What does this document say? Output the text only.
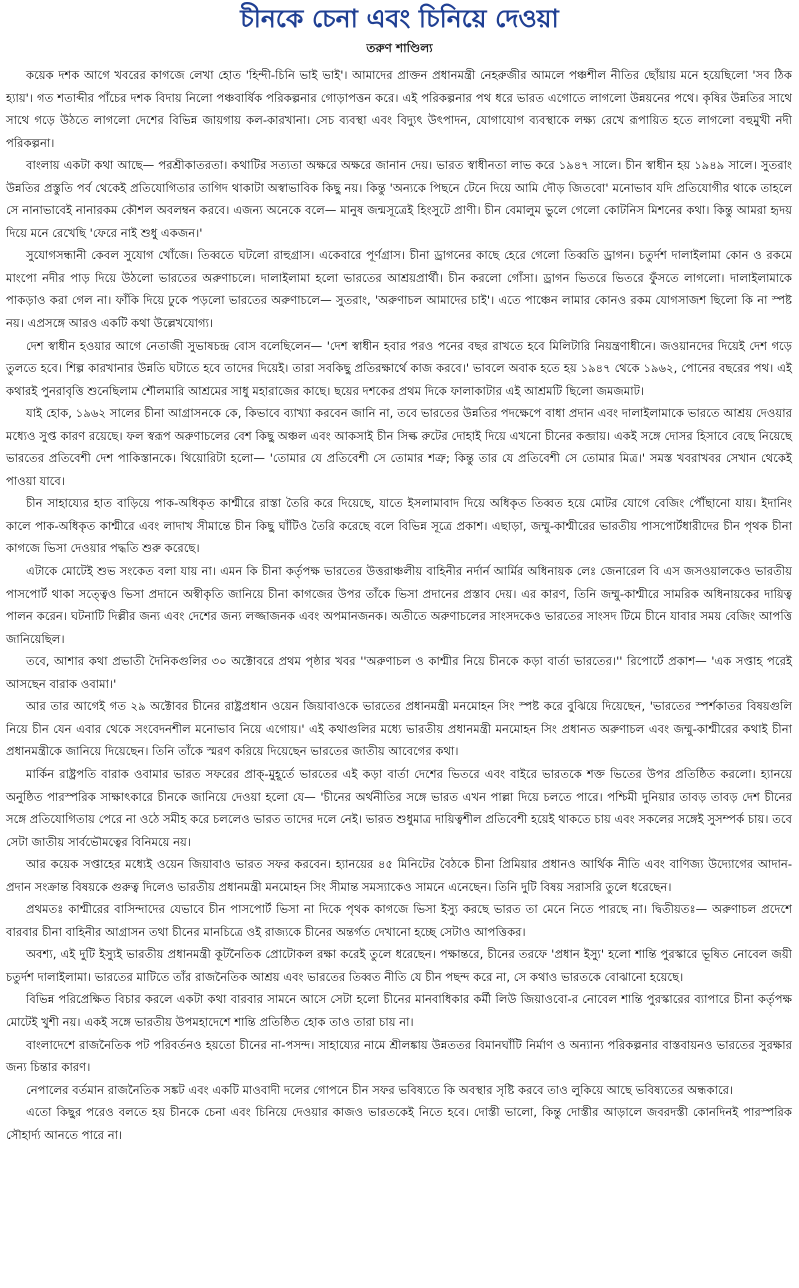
চীনকে চেনা এবং চিনিয়ে দেওয়া
তরুণ শাণ্ডিল্য

কয়েক দশক আগে খবরের কাগজে লেখা হোত 'হিন্দী-চিনি ভাই ভাই'। আমাদের প্রাক্তন প্রধানমন্ত্রী নেহরুজীর আমলে পঞ্চশীল নীতির ছোঁয়ায় মনে হয়েছিলো 'সব ঠিক হ্যায়'। গত শতাব্দীর পাঁচের দশক বিদায় নিলো পঞ্চবার্ষিক পরিকল্পনার গোড়াপত্তন করে। এই পরিকল্পনার পথ ধরে ভারত এগোতে লাগলো উন্নয়নের পথে। কৃষির উন্নতির সাথে সাথে গড়ে উঠতে লাগলো দেশের বিভিন্ন জায়গায় কল-কারখানা। সেচ ব্যবস্থা এবং বিদ্যুৎ উৎপাদন, যোগাযোগ ব্যবস্থাকে লক্ষ্য রেখে রূপায়িত হতে লাগলো বহুমুখী নদী পরিকল্পনা।

বাংলায় একটা কথা আছে— পরশ্রীকাতরতা। কথাটির সত্যতা অক্ষরে অক্ষরে জানান দেয়। ভারত স্বাধীনতা লাভ করে ১৯৪৭ সালে। চীন স্বাধীন হয় ১৯৪৯ সালে। সুতরাং উন্নতির প্রস্তুতি পর্ব থেকেই প্রতিযোগিতার তাগিদ থাকাটা অস্বাভাবিক কিছু নয়। কিন্তু 'অন্যকে পিছনে টেনে দিয়ে আমি দৌড় জিতবো' মনোভাব যদি প্রতিযোগীর থাকে তাহলে সে নানাভাবেই নানারকম কৌশল অবলম্বন করবে। এজন্য অনেকে বলে— মানুষ জন্মসূত্রেই হিংসুটে প্রাণী। চীন বেমালুম ভুলে গেলো কোটনিস মিশনের কথা। কিন্তু আমরা হৃদয় দিয়ে মনে রেখেছি 'ফেরে নাই শুধু একজন।'

সুযোগসন্ধানী কেবল সুযোগ খোঁজে। তিব্বতে ঘটলো রাহুগ্রাস। একেবারে পূর্ণগ্রাস। চীনা ড্রাগনের কাছে হেরে গেলো তিব্বতি ড্রাগন। চতুর্দশ দালাইলামা কোন ও রকমে মাংপো নদীর পাড় দিয়ে উঠলো ভারতের অরুণাচলে। দালাইলামা হলো ভারতের আশ্রয়প্রার্থী। চীন করলো গোঁসা। ড্রাগন ভিতরে ভিতরে ফুঁসতে লাগলো। দালাইলামাকে পাকড়াও করা গেল না। ফাঁকি দিয়ে ঢুকে পড়লো ভারতের অরুণাচলে— সুতরাং, 'অরুণাচল আমাদের চাই'। এতে পাঞ্চেন লামার কোনও রকম যোগসাজশ ছিলো কি না স্পষ্ট নয়। এপ্রসঙ্গে আরও একটি কথা উল্লেখযোগ্য।

দেশ স্বাধীন হওয়ার আগে নেতাজী সুভাষচন্দ্র বোস বলেছিলেন— 'দেশ স্বাধীন হবার পরও পনের বছর রাখতে হবে মিলিটারি নিয়ন্ত্রণাধীনে। জওয়ানদের দিয়েই দেশ গড়ে তুলতে হবে। শিল্প কারখানার উন্নতি ঘটাতে হবে তাদের দিয়েই। তারা সবকিছু প্রতিরক্ষার্থে কাজ করবে।' ভাবলে অবাক হতে হয় ১৯৪৭ থেকে ১৯৬২, পোনের বছরের পথ। এই কথারই পুনরাবৃত্তি শুনেছিলাম শৌলমারি আশ্রমের সাধু মহারাজের কাছে। ছয়ের দশকের প্রথম দিকে ফালাকাটার এই আশ্রমটি ছিলো জমজমাট।

যাই হোক, ১৯৬২ সালের চীনা আগ্রাসনকে কে, কিভাবে ব্যাখ্যা করবেন জানি না, তবে ভারতের উন্নতির পদক্ষেপে বাধা প্রদান এবং দালাইলামাকে ভারতে আশ্রয় দেওয়ার মধ্যেও সুপ্ত কারণ রয়েছে। ফল স্বরূপ অরুণাচলের বেশ কিছু অঞ্চল এবং আকসাই চীন সিল্ক রুটের দোহাই দিয়ে এখনো চীনের কব্জায়। একই সঙ্গে দোসর হিসাবে বেছে নিয়েছে ভারতের প্রতিবেশী দেশ পাকিস্তানকে। থিয়োরিটা হলো— 'তোমার যে প্রতিবেশী সে তোমার শত্রু; কিন্তু তার যে প্রতিবেশী সে তোমার মিত্র।' সমস্ত খবরাখবর সেখান থেকেই পাওয়া যাবে।

চীন সাহায্যের হাত বাড়িয়ে পাক-অধিকৃত কাশ্মীরে রাস্তা তৈরি করে দিয়েছে, যাতে ইসলামাবাদ দিয়ে অধিকৃত তিব্বত হয়ে মোটর যোগে বেজিং পৌঁছানো যায়। ইদানিং কালে পাক-অধিকৃত কাশ্মীরে এবং লাদাখ সীমান্তে চীন কিছু ঘাঁটিও তৈরি করেছে বলে বিভিন্ন সূত্রে প্রকাশ। এছাড়া, জম্মু-কাশ্মীরের ভারতীয় পাসপোর্টধারীদের চীন পৃথক চীনা কাগজে ভিসা দেওয়ার পদ্ধতি শুরু করেছে।

এটাকে মোটেই শুভ সংকেত বলা যায় না। এমন কি চীনা কর্তৃপক্ষ ভারতের উত্তরাঞ্চলীয় বাহিনীর নর্দার্ন আর্মির অধিনায়ক লেঃ জেনারেল বি এস জসওয়ালকেও ভারতীয় পাসপোর্ট থাকা সত্ত্বেও ভিসা প্রদানে অস্বীকৃতি জানিয়ে চীনা কাগজের উপর তাঁকে ভিসা প্রদানের প্রস্তাব দেয়। এর কারণ, তিনি জম্মু-কাশ্মীরে সামরিক অধিনায়কের দায়িত্ব পালন করেন। ঘটনাটি দিল্লীর জন্য এবং দেশের জন্য লজ্জাজনক এবং অপমানজনক। অতীতে অরুণাচলের সাংসদকেও ভারতের সাংসদ টিমে চীনে যাবার সময় বেজিং আপত্তি জানিয়েছিল।

তবে, আশার কথা প্রভাতী দৈনিকগুলির ৩০ অক্টোবরে প্রথম পৃষ্ঠার খবর ''অরুণাচল ও কাশ্মীর নিয়ে চীনকে কড়া বার্তা ভারতের।'' রিপোর্টে প্রকাশ— 'এক সপ্তাহ পরেই আসছেন বারাক ওবামা।'

আর তার আগেই গত ২৯ অক্টোবর চীনের রাষ্ট্রপ্রধান ওয়েন জিয়াবাওকে ভারতের প্রধানমন্ত্রী মনমোহন সিং স্পষ্ট করে বুঝিয়ে দিয়েছেন, 'ভারতের স্পর্শকাতর বিষয়গুলি নিয়ে চীন যেন এবার থেকে সংবেদনশীল মনোভাব নিয়ে এগোয়।' এই কথাগুলির মধ্যে ভারতীয় প্রধানমন্ত্রী মনমোহন সিং প্রধানত অরুণাচল এবং জম্মু-কাশ্মীরের কথাই চীনা প্রধানমন্ত্রীকে জানিয়ে দিয়েছেন। তিনি তাঁকে স্মরণ করিয়ে দিয়েছেন ভারতের জাতীয় আবেগের কথা।

মার্কিন রাষ্ট্রপতি বারাক ওবামার ভারত সফরের প্রাক্-মুহূর্তে ভারতের এই কড়া বার্তা দেশের ভিতরে এবং বাইরে ভারতকে শক্ত ভিতের উপর প্রতিষ্ঠিত করলো। হ্যানয়ে অনুষ্ঠিত পারস্পরিক সাক্ষাৎকারে চীনকে জানিয়ে দেওয়া হলো যে— 'চীনের অর্থনীতির সঙ্গে ভারত এখন পাল্লা দিয়ে চলতে পারে। পশ্চিমী দুনিয়ার তাবড় তাবড় দেশ চীনের সঙ্গে প্রতিযোগিতায় পেরে না ওঠে সমীহ করে চললেও ভারত তাদের দলে নেই। ভারত শুধুমাত্র দায়িত্বশীল প্রতিবেশী হয়েই থাকতে চায় এবং সকলের সঙ্গেই সুসম্পর্ক চায়। তবে সেটা জাতীয় সার্বভৌমত্বের বিনিময়ে নয়।

আর কয়েক সপ্তাহের মধ্যেই ওয়েন জিয়াবাও ভারত সফর করবেন। হ্যানয়ের ৪৫ মিনিটের বৈঠকে চীনা প্রিমিয়ার প্রধানও আর্থিক নীতি এবং বাণিজ্য উদ্যোগের আদান-প্রদান সংক্রান্ত বিষয়কে গুরুত্ব দিলেও ভারতীয় প্রধানমন্ত্রী মনমোহন সিং সীমান্ত সমস্যাকেও সামনে এনেছেন। তিনি দুটি বিষয় সরাসরি তুলে ধরেছেন।

প্রথমতঃ কাশ্মীরের বাসিন্দাদের যেভাবে চীন পাসপোর্ট ভিসা না দিকে পৃথক কাগজে ভিসা ইস্যু করছে ভারত তা মেনে নিতে পারছে না। দ্বিতীয়তঃ— অরুণাচল প্রদেশে বারবার চীনা বাহিনীর আগ্রাসন তথা চীনের মানচিত্রে ওই রাজ্যকে চীনের অন্তর্গত দেখানো হচ্ছে সেটাও আপত্তিকর।

অবশ্য, এই দুটি ইস্যুই ভারতীয় প্রধানমন্ত্রী কূটনৈতিক প্রোটোকল রক্ষা করেই তুলে ধরেছেন। পক্ষান্তরে, চীনের তরফে 'প্রধান ইস্যু' হলো শান্তি পুরস্কারে ভূষিত নোবেল জয়ী চতুর্দশ দালাইলামা। ভারতের মাটিতে তাঁর রাজনৈতিক আশ্রয় এবং ভারতের তিব্বত নীতি যে চীন পছন্দ করে না, সে কথাও ভারতকে বোঝানো হয়েছে।

বিভিন্ন পরিপ্রেক্ষিত বিচার করলে একটা কথা বারবার সামনে আসে সেটা হলো চীনের মানবাধিকার কর্মী লিউ জিয়াওবো-র নোবেল শান্তি পুরস্কারের ব্যাপারে চীনা কর্তৃপক্ষ মোটেই খুশী নয়। একই সঙ্গে ভারতীয় উপমহাদেশে শান্তি প্রতিষ্ঠিত হোক তাও তারা চায় না।

বাংলাদেশে রাজনৈতিক পট পরিবর্তনও হয়তো চীনের না-পসন্দ। সাহায্যের নামে শ্রীলঙ্কায় উন্নততর বিমানঘাঁটি নির্মাণ ও অন্যান্য পরিকল্পনার বাস্তবায়নও ভারতের সুরক্ষার জন্য চিন্তার কারণ।

নেপালের বর্তমান রাজনৈতিক সঙ্কট এবং একটি মাওবাদী দলের গোপনে চীন সফর ভবিষ্যতে কি অবস্থার সৃষ্টি করবে তাও লুকিয়ে আছে ভবিষ্যতের অন্ধকারে।

এতো কিছুর পরেও বলতে হয় চীনকে চেনা এবং চিনিয়ে দেওয়ার কাজও ভারতকেই নিতে হবে। দোস্তী ভালো, কিন্তু দোস্তীর আড়ালে জবরদস্তী কোনদিনই পারস্পরিক সৌহার্দ্য আনতে পারে না।
